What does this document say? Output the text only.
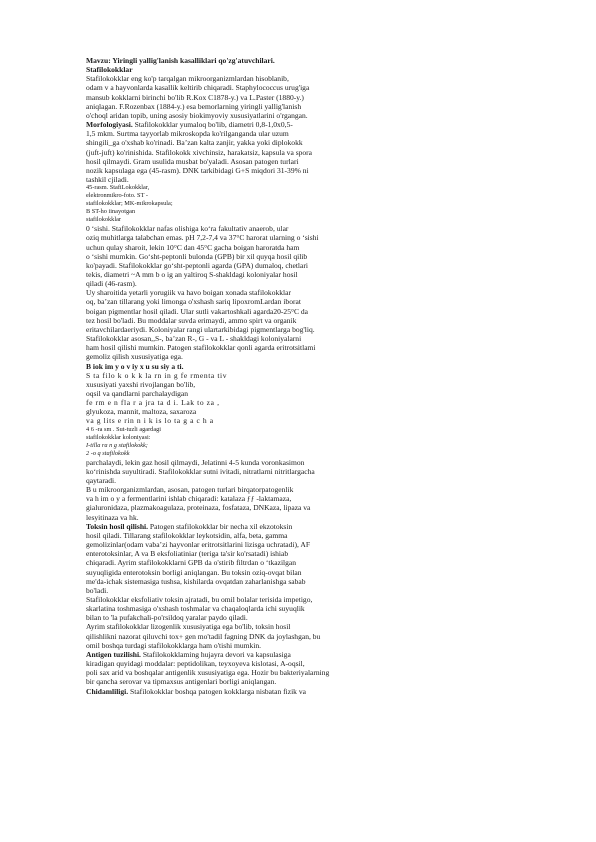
Mavzu: Yiringli yallig'lanish kasalliklari qo'zg'atuvchilari.
Stafilokokklar
Stafilokokklar eng ko'p tarqalgan mikroorganizmlardan hisoblanib,
odam v a hayvonlarda kasallik keltirib chiqaradi. Staphylococcus urug'iga
mansub kokklarni birinchi bo'lib R.Kox C1878-y.) va L.Paster (1880-y.)
aniqlagan. F.Rozenbax (1884-y.) esa bemorlarning yiringli yallig'lanish
o'choql aridan topib, uning asosiy biokimyoviy xususiyatlarini o'rgangan.
Morfologiyasi. Stafilokokklar yumaloq bo'lib, diametri 0,8-1,0x0,5-
1,5 mkm. Surtma tayyorlab mikroskopda ko'rilganganda ular uzum
shingili_ga o'xshab ko'rinadi. Ba’zan kalta zanjir, yakka yoki diplokokk
(juft-juft) ko'rinishida. Stafilokokk xivchinsiz, harakatsiz, kapsula va spora
hosil qilmaydi. Gram usulida musbat bo'yaladi. Asosan patogen turlari
nozik kapsulaga ega (45-rasm). DNK tarkibidagi G+S miqdori 31-39% ni
tashkil cjiladi.
45-rasm. StafiLokokklar,
elektronmikro-foto. ST -
stafilokokklar; MK-mikrokapsula;
B ST-ho iinayotgan
stafilokokklar
0 ‘sishi. Stafilokokklar nafas olishiga ko‘ra fakultativ anaerob, ular
oziq muhitlarga talabchan emas. pH 7,2-7,4 va 37°C harorat ularning o ‘sishi
uchun qulay sharoit, lekin 10°C dan 45°C gacha boigan haroratda ham
o ‘sishi mumkin. Go‘sht-peptonli bulonda (GPB) bir xil quyqa hosil qilib
ko'payadi. Stafilokokklar go‘sht-peptonli agarda (GPA) dumaloq, chetlari
tekis, diametri ~A mm b o ig an yaltiroq S-shakldagi koloniyalar hosil
qiladi (46-rasm).
Uy sharoitida yetarli yorugiik va havo boigan xonada stafilokokklar
oq, ba’zan tillarang yoki limonga o'xshash sariq lipoxromLardan iborat
boigan pigmentlar hosil qiladi. Ular sutli vakartoshkali agarda20-25°C da
tez hosil bo'ladi. Bu moddalar suvda erimaydi, ammo spirt va organik
eritavchilardaeriydi. Koloniyalar rangi ulartarkibidagi pigmentlarga bog'liq.
Stafilokokklar asosan,,S-, ba’zan R-, G - va L - shakldagi koloniyalarni
ham hosil qilishi mumkin. Patogen stafilokokklar qonli agarda eritrotsitlami
gemoliz qilish xususiyatiga ega.
B iok im y o v iy x u su siy a ti.
S ta filo k o k k la rn in g fe rmenta tiv
xususiyati yaxshi rivojlangan bo'lib,
oqsil va qandlarni parchalaydigan
fe rm e n fla r a jra ta d i. Lak to za ,
glyukoza, mannit, maltoza, saxaroza
va g lits e rin n i k is lo ta g a c h a
4 6 -ra sm . Sut-tuzli agardagi
stafilokokklar koloniyasi:
I-tilla ra n g stafilokokk;
2 -o q stafilokokk
parchalaydi, lekin gaz hosil qilmaydi, Jelatinni 4-5 kunda voronkasimon
ko‘rinishda suyultiradi. Stafilokokklar sutni ivitadi, nitratlarni nitritlargacha
qaytaradi.
B u mikroorganizmlardan, asosan, patogen turlari birqatorpatogenlik
va h im o y a fermentlarini ishlab chiqaradi: katalaza ƒƒ -laktamaza,
gialuronidaza, plazmakoagulaza, proteinaza, fosfataza, DNKaza, lipaza va
lesyitinaza va hk.
Toksin hosil qilishi. Patogen stafilokokklar bir necha xil ekzotoksin
hosil qiladi. Tillarang stafilokokklar leykotsidin, alfa, beta, gamma
gemolizinlar(odam vaba’zi hayvonlar eritrotsitlarini lizisga uchratadi), AF
enterotoksinlar, A va B eksfoliatiniar (teriga ta'sir ko'rsatadi) ishiab
chiqaradi. Ayrim stafilokokklarni GPB da o'stirib filtrdan o ‘tkazilgan
suyuqligida enterotoksin borligi aniqlangan. Bu toksin oziq-ovqat bilan
me'da-ichak sistemasiga tushsa, kishilarda ovqatdan zaharlanishga sabab
bo'ladi.
Stafilokokklar eksfoliativ toksin ajratadi, bu omil bolalar terisida impetigo,
skarlatina toshmasiga o'xshash toshmalar va chaqaloqlarda ichi suyuqlik
bilan to 'la pufakchali-po'rsildoq yaralar paydo qiladi.
Ayrim stafilokokklar lizogenlik xususiyatiga ega bo'lib, toksin hosil
qilishlikni nazorat qiluvchi tox+ gen mo'tadil fagning DNK da joylashgan, bu
omil boshqa turdagi stafilokokklarga ham o'tishi mumkin.
Antigen tuzilishi. Stafilokokklaming hujayra devori va kapsulasiga
kiradigan quyidagi moddalar: peptidolikan, teyxoyeva kislotasi, A-oqsil,
poli sax arid va boshqalar antigenlik xususiyatiga ega. Hozir bu bakteriyalarning
bir qancha serovar va tipmaxsus antigenlari borligi aniqlangan.
Chidamliligi. Stafilokokklar boshqa patogen kokklarga nisbatan fizik va
